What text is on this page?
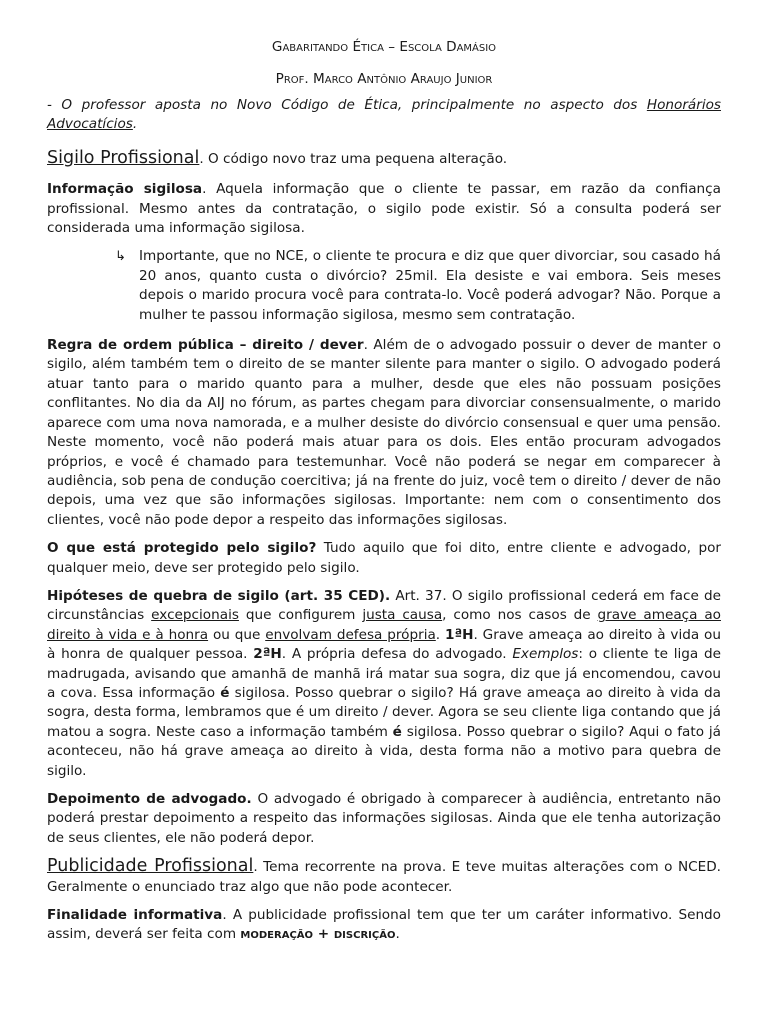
Gabaritando Ética – Escola Damásio

Prof. Marco Antônio Araujo Junior

- O professor aposta no Novo Código de Ética, principalmente no aspecto dos Honorários Advocatícios.

Sigilo Profissional. O código novo traz uma pequena alteração.

Informação sigilosa. Aquela informação que o cliente te passar, em razão da confiança profissional. Mesmo antes da contratação, o sigilo pode existir. Só a consulta poderá ser considerada uma informação sigilosa.

↳ Importante, que no NCE, o cliente te procura e diz que quer divorciar, sou casado há 20 anos, quanto custa o divórcio? 25mil. Ela desiste e vai embora. Seis meses depois o marido procura você para contrata-lo. Você poderá advogar? Não. Porque a mulher te passou informação sigilosa, mesmo sem contratação.

Regra de ordem pública – direito / dever. Além de o advogado possuir o dever de manter o sigilo, além também tem o direito de se manter silente para manter o sigilo. O advogado poderá atuar tanto para o marido quanto para a mulher, desde que eles não possuam posições conflitantes. No dia da AIJ no fórum, as partes chegam para divorciar consensualmente, o marido aparece com uma nova namorada, e a mulher desiste do divórcio consensual e quer uma pensão. Neste momento, você não poderá mais atuar para os dois. Eles então procuram advogados próprios, e você é chamado para testemunhar. Você não poderá se negar em comparecer à audiência, sob pena de condução coercitiva; já na frente do juiz, você tem o direito / dever de não depois, uma vez que são informações sigilosas. Importante: nem com o consentimento dos clientes, você não pode depor a respeito das informações sigilosas.

O que está protegido pelo sigilo? Tudo aquilo que foi dito, entre cliente e advogado, por qualquer meio, deve ser protegido pelo sigilo.

Hipóteses de quebra de sigilo (art. 35 CED). Art. 37. O sigilo profissional cederá em face de circunstâncias excepcionais que configurem justa causa, como nos casos de grave ameaça ao direito à vida e à honra ou que envolvam defesa própria. 1ªH. Grave ameaça ao direito à vida ou à honra de qualquer pessoa. 2ªH. A própria defesa do advogado. Exemplos: o cliente te liga de madrugada, avisando que amanhã de manhã irá matar sua sogra, diz que já encomendou, cavou a cova. Essa informação é sigilosa. Posso quebrar o sigilo? Há grave ameaça ao direito à vida da sogra, desta forma, lembramos que é um direito / dever. Agora se seu cliente liga contando que já matou a sogra. Neste caso a informação também é sigilosa. Posso quebrar o sigilo? Aqui o fato já aconteceu, não há grave ameaça ao direito à vida, desta forma não a motivo para quebra de sigilo.

Depoimento de advogado. O advogado é obrigado à comparecer à audiência, entretanto não poderá prestar depoimento a respeito das informações sigilosas. Ainda que ele tenha autorização de seus clientes, ele não poderá depor.

Publicidade Profissional. Tema recorrente na prova. E teve muitas alterações com o NCED. Geralmente o enunciado traz algo que não pode acontecer.

Finalidade informativa. A publicidade profissional tem que ter um caráter informativo. Sendo assim, deverá ser feita com moderação + discrição.
